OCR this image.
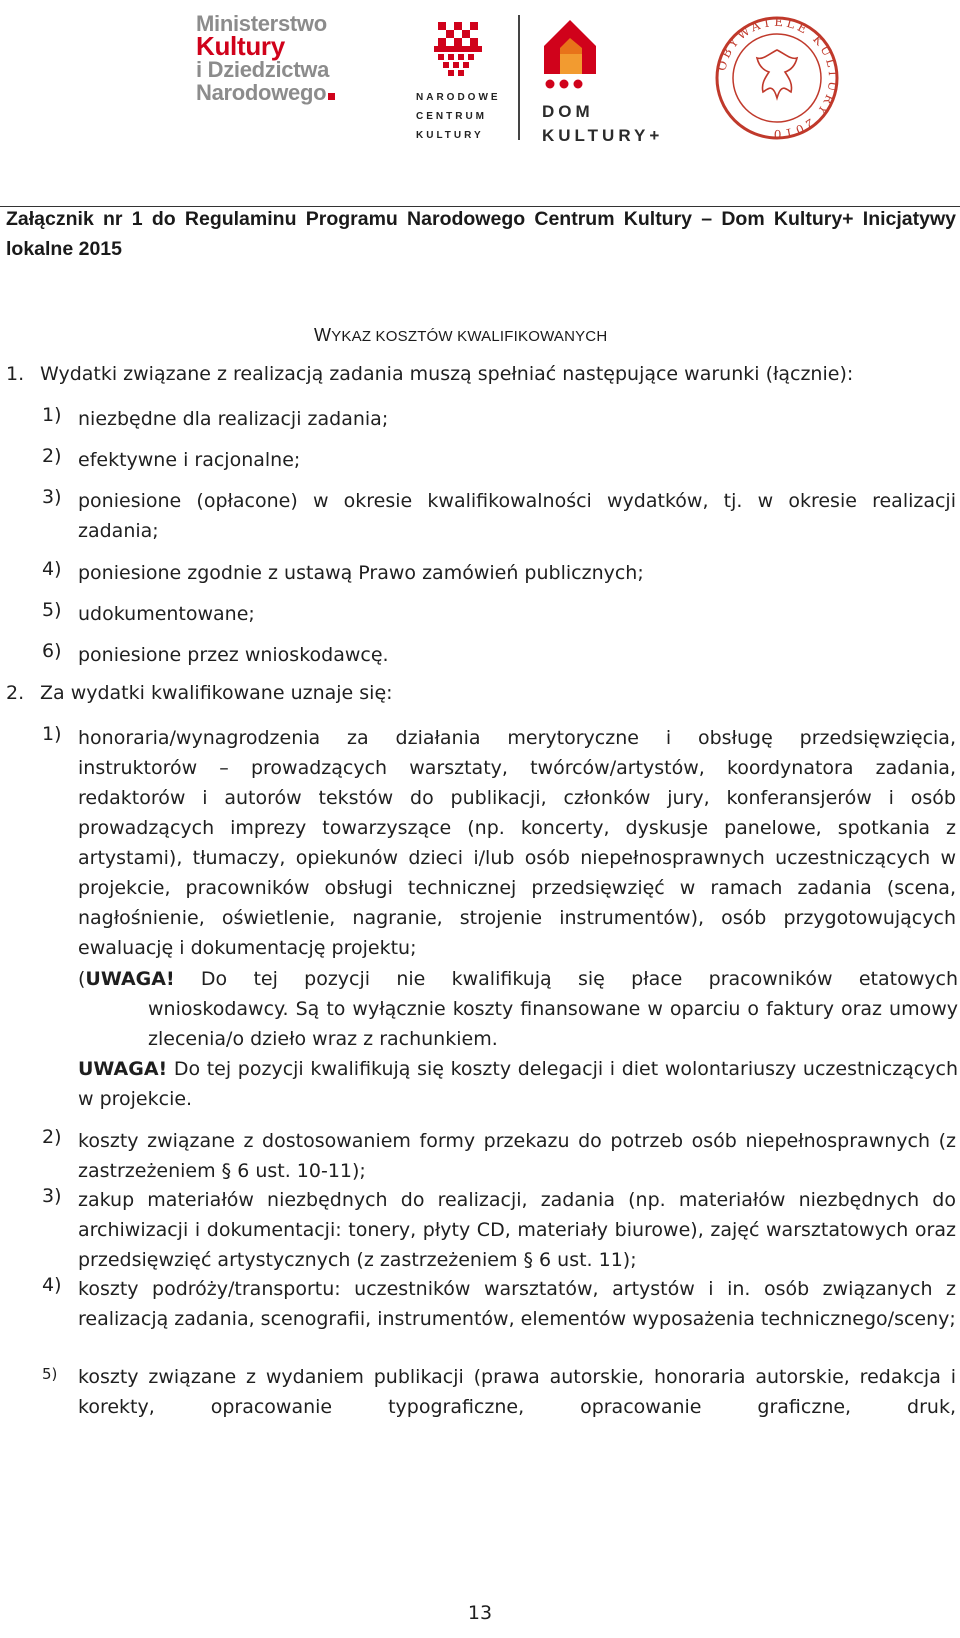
Ministerstwo
Kultury
i Dziedzictwa
Narodowego	NARODOWE
CENTRUM
KULTURY
DOM
KULTURY+
OBYWATELE KULTURY 2010
Załącznik nr 1 do Regulaminu Programu Narodowego Centrum Kultury – Dom Kultury+ Inicjatywy lokalne 2015
WYKAZ KOSZTÓW KWALIFIKOWANYCH
1. Wydatki związane z realizacją zadania muszą spełniać następujące warunki (łącznie):
1) niezbędne dla realizacji zadania;
2) efektywne i racjonalne;
3) poniesione (opłacone) w okresie kwalifikowalności wydatków, tj. w okresie realizacji zadania;
4) poniesione zgodnie z ustawą Prawo zamówień publicznych;
5) udokumentowane;
6) poniesione przez wnioskodawcę.
2. Za wydatki kwalifikowane uznaje się:
1) honoraria/wynagrodzenia za działania merytoryczne i obsługę przedsięwzięcia, instruktorów – prowadzących warsztaty, twórców/artystów, koordynatora zadania, redaktorów i autorów tekstów do publikacji, członków jury, konferansjerów i osób prowadzących imprezy towarzyszące (np. koncerty, dyskusje panelowe, spotkania z artystami), tłumaczy, opiekunów dzieci i/lub osób niepełnosprawnych uczestniczących w projekcie, pracowników obsługi technicznej przedsięwzięć w ramach zadania (scena, nagłośnienie, oświetlenie, nagranie, strojenie instrumentów), osób przygotowujących ewaluację i dokumentację projektu;
(UWAGA! Do tej pozycji nie kwalifikują się płace pracowników etatowych
wnioskodawcy. Są to wyłącznie koszty finansowane w oparciu o faktury oraz umowy zlecenia/o dzieło wraz z rachunkiem.
UWAGA! Do tej pozycji kwalifikują się koszty delegacji i diet wolontariuszy uczestniczących w projekcie.
2) koszty związane z dostosowaniem formy przekazu do potrzeb osób niepełnosprawnych (z zastrzeżeniem § 6 ust. 10-11);
3) zakup materiałów niezbędnych do realizacji, zadania (np. materiałów niezbędnych do archiwizacji i dokumentacji: tonery, płyty CD, materiały biurowe), zajęć warsztatowych oraz przedsięwzięć artystycznych (z zastrzeżeniem § 6 ust. 11);
4) koszty podróży/transportu: uczestników warsztatów, artystów i in. osób związanych z realizacją zadania, scenografii, instrumentów, elementów wyposażenia technicznego/sceny;
5) koszty związane z wydaniem publikacji (prawa autorskie, honoraria autorskie, redakcja i korekty, opracowanie typograficzne, opracowanie graficzne, druk,
13
